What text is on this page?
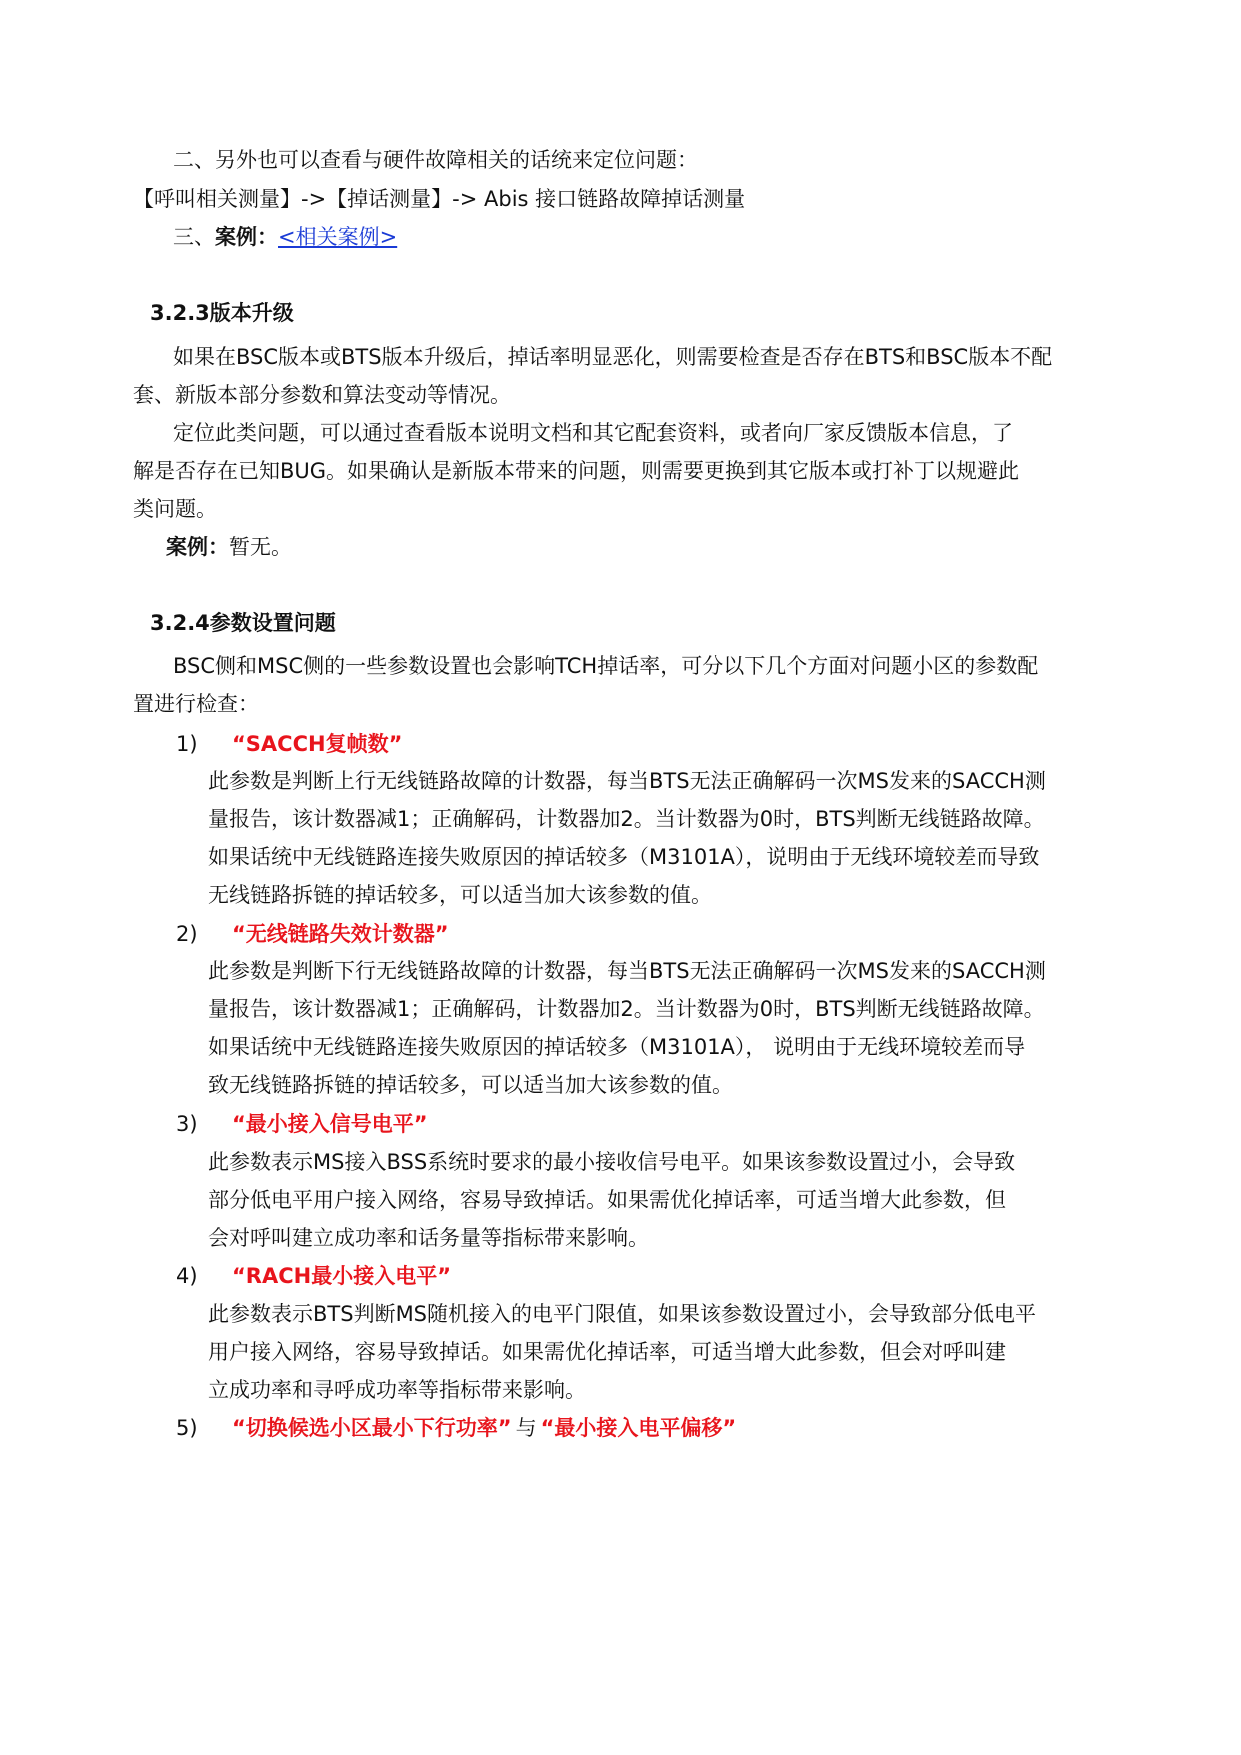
二、另外也可以查看与硬件故障相关的话统来定位问题：
【呼叫相关测量】->【掉话测量】-> Abis 接口链路故障掉话测量
三、案例：<相关案例>
3.2.3版本升级
如果在BSC版本或BTS版本升级后，掉话率明显恶化，则需要检查是否存在BTS和BSC版本不配
套、新版本部分参数和算法变动等情况。
定位此类问题，可以通过查看版本说明文档和其它配套资料，或者向厂家反馈版本信息，了
解是否存在已知BUG。如果确认是新版本带来的问题，则需要更换到其它版本或打补丁以规避此
类问题。
案例：暂无。
3.2.4参数设置问题
BSC侧和MSC侧的一些参数设置也会影响TCH掉话率，可分以下几个方面对问题小区的参数配
置进行检查：
1) “SACCH复帧数”
此参数是判断上行无线链路故障的计数器，每当BTS无法正确解码一次MS发来的SACCH测
量报告，该计数器减1；正确解码，计数器加2。当计数器为0时，BTS判断无线链路故障。
如果话统中无线链路连接失败原因的掉话较多（M3101A），说明由于无线环境较差而导致
无线链路拆链的掉话较多，可以适当加大该参数的值。
2) “无线链路失效计数器”
此参数是判断下行无线链路故障的计数器，每当BTS无法正确解码一次MS发来的SACCH测
量报告，该计数器减1；正确解码，计数器加2。当计数器为0时，BTS判断无线链路故障。
如果话统中无线链路连接失败原因的掉话较多（M3101A）， 说明由于无线环境较差而导
致无线链路拆链的掉话较多，可以适当加大该参数的值。
3) “最小接入信号电平”
此参数表示MS接入BSS系统时要求的最小接收信号电平。如果该参数设置过小，会导致
部分低电平用户接入网络，容易导致掉话。如果需优化掉话率，可适当增大此参数，但
会对呼叫建立成功率和话务量等指标带来影响。
4) “RACH最小接入电平”
此参数表示BTS判断MS随机接入的电平门限值，如果该参数设置过小，会导致部分低电平
用户接入网络，容易导致掉话。如果需优化掉话率，可适当增大此参数，但会对呼叫建
立成功率和寻呼成功率等指标带来影响。
5) “切换候选小区最小下行功率” 与 “最小接入电平偏移”
